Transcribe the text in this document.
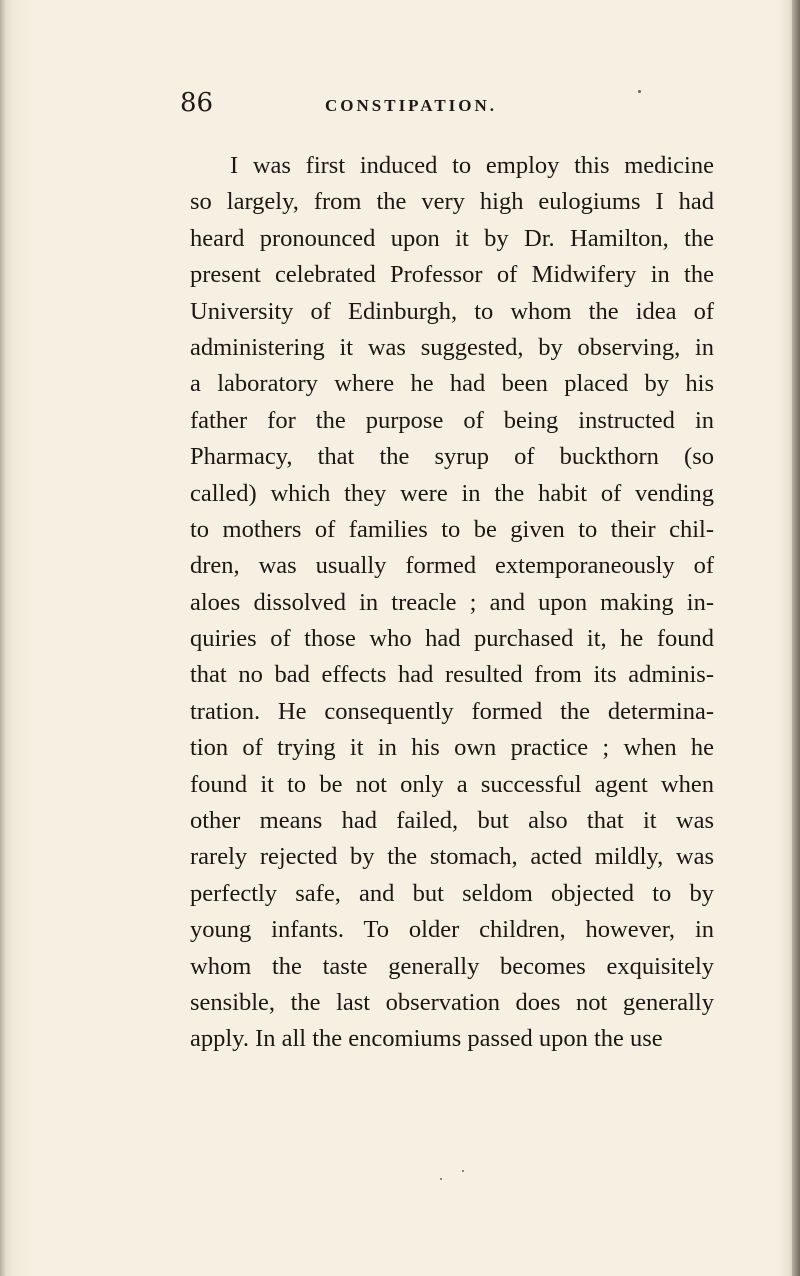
86	CONSTIPATION.
I was first induced to employ this medicine
so largely, from the very high eulogiums I had
heard pronounced upon it by Dr. Hamilton, the
present celebrated Professor of Midwifery in the
University of Edinburgh, to whom the idea of
administering it was suggested, by observing, in
a laboratory where he had been placed by his
father for the purpose of being instructed in
Pharmacy, that the syrup of buckthorn (so
called) which they were in the habit of vending
to mothers of families to be given to their chil-
dren, was usually formed extemporaneously of
aloes dissolved in treacle ; and upon making in-
quiries of those who had purchased it, he found
that no bad effects had resulted from its adminis-
tration. He consequently formed the determina-
tion of trying it in his own practice ; when he
found it to be not only a successful agent when
other means had failed, but also that it was
rarely rejected by the stomach, acted mildly, was
perfectly safe, and but seldom objected to by
young infants. To older children, however, in
whom the taste generally becomes exquisitely
sensible, the last observation does not generally
apply. In all the encomiums passed upon the use
